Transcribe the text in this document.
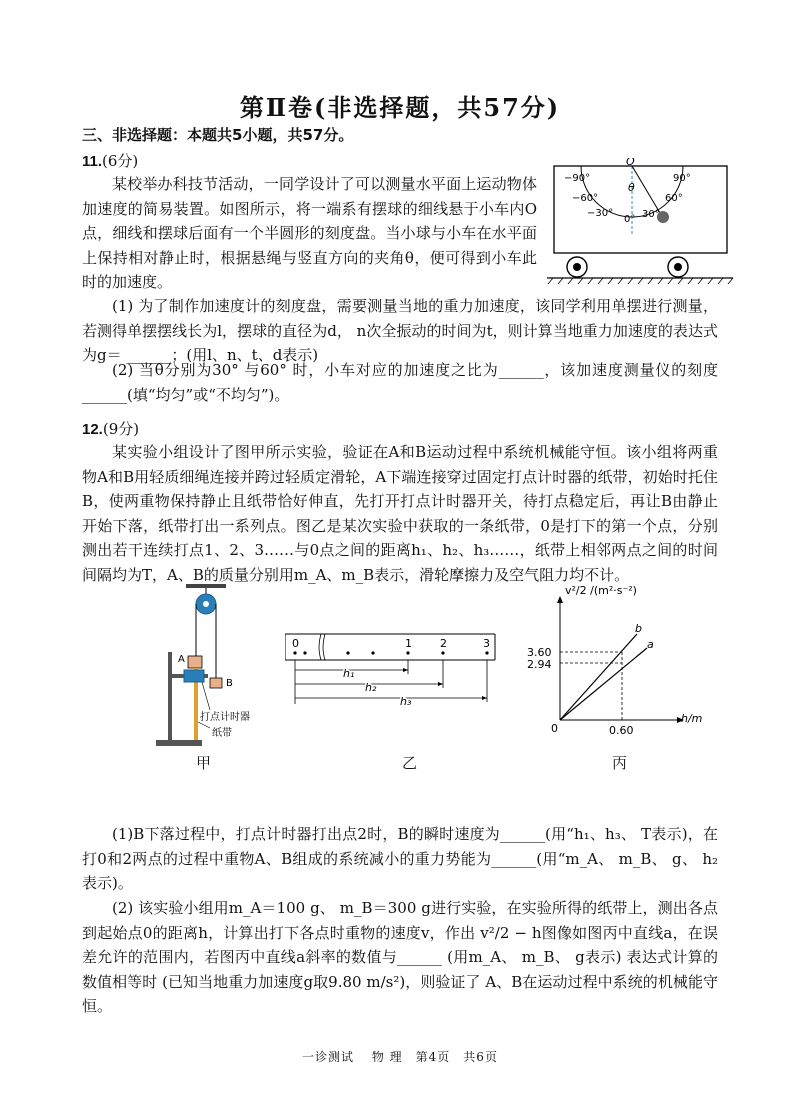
第Ⅱ卷(非选择题，共57分)
三、非选择题：本题共5小题，共57分。
11.(6分)
某校举办科技节活动，一同学设计了可以测量水平面上运动物体加速度的简易装置。如图所示，将一端系有摆球的细线悬于小车内O点，细线和摆球后面有一个半圆形的刻度盘。当小球与小车在水平面上保持相对静止时，根据悬绳与竖直方向的夹角θ，便可得到小车此时的加速度。
O
θ
−90°
−60°
−30°
0° 30°
60°
90°
(1) 为了制作加速度计的刻度盘，需要测量当地的重力加速度，该同学利用单摆进行测量，若测得单摆摆线长为l，摆球的直径为d， n次全振动的时间为t，则计算当地重力加速度的表达式为g＝ ______；(用l、n、t、d表示)
(2) 当θ分别为30° 与60° 时，小车对应的加速度之比为______，该加速度测量仪的刻度______(填“均匀”或“不均匀”)。
12.(9分)
某实验小组设计了图甲所示实验，验证在A和B运动过程中系统机械能守恒。该小组将两重物A和B用轻质细绳连接并跨过轻质定滑轮，A下端连接穿过固定打点计时器的纸带，初始时托住B，使两重物保持静止且纸带恰好伸直，先打开打点计时器开关，待打点稳定后，再让B由静止开始下落，纸带打出一系列点。图乙是某次实验中获取的一条纸带，0是打下的第一个点，分别测出若干连续打点1、2、3……与0点之间的距离h₁、h₂、h₃……，纸带上相邻两点之间的时间间隔均为T，A、B的质量分别用m_A、m_B表示，滑轮摩擦力及空气阻力均不计。
A
B
打点计时器
纸带
0	1	2	3
h₁
h₂
h₃
v²/2 /(m²·s⁻²)
h/m
0
3.60
2.94
0.60
b
a
甲	乙	丙
(1)B下落过程中，打点计时器打出点2时，B的瞬时速度为______(用“h₁、h₃、 T表示)，在打0和2两点的过程中重物A、B组成的系统减小的重力势能为______(用“m_A、 m_B、 g、 h₂表示)。
(2) 该实验小组用m_A＝100 g、 m_B＝300 g进行实验，在实验所得的纸带上，测出各点到起始点0的距离h，计算出打下各点时重物的速度v，作出 v²/2 − h图像如图丙中直线a，在误差允许的范围内，若图丙中直线a斜率的数值与______ (用m_A、 m_B、 g表示) 表达式计算的数值相等时 (已知当地重力加速度g取9.80 m/s²)，则验证了 A、B在运动过程中系统的机械能守恒。
一诊测试　 物 理　第4页　共6页
